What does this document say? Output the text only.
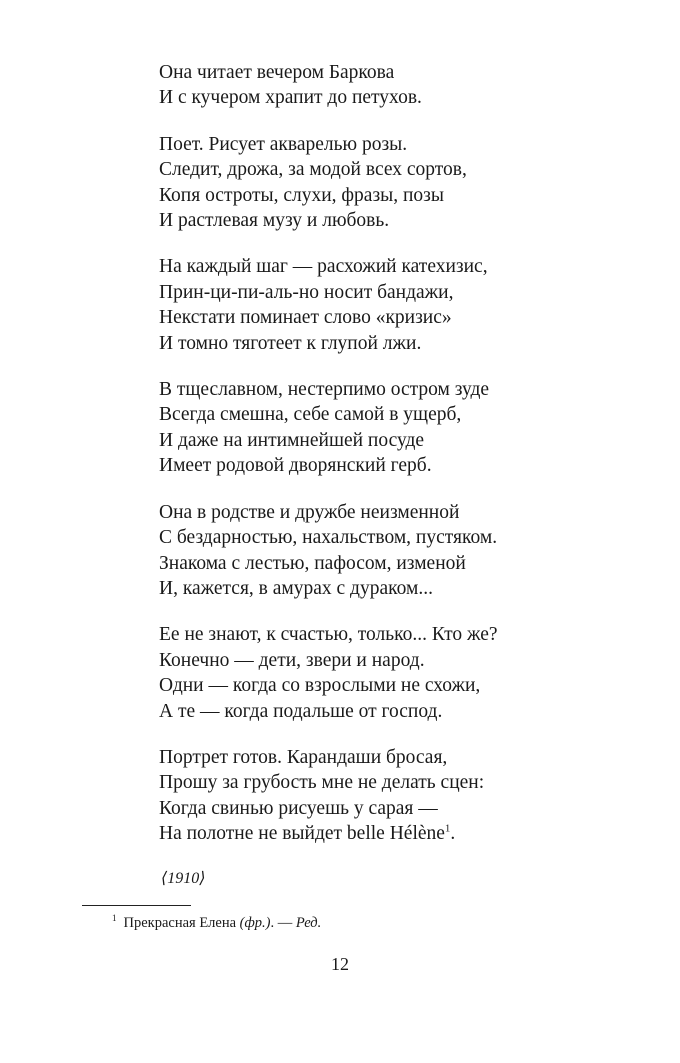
Она читает вечером Баркова
И с кучером храпит до петухов.
Поет. Рисует акварелью розы.
Следит, дрожа, за модой всех сортов,
Копя остроты, слухи, фразы, позы
И растлевая музу и любовь.
На каждый шаг — расхожий катехизис,
Прин-ци-пи-аль-но носит бандажи,
Некстати поминает слово «кризис»
И томно тяготеет к глупой лжи.
В тщеславном, нестерпимо остром зуде
Всегда смешна, себе самой в ущерб,
И даже на интимнейшей посуде
Имеет родовой дворянский герб.
Она в родстве и дружбе неизменной
С бездарностью, нахальством, пустяком.
Знакома с лестью, пафосом, изменой
И, кажется, в амурах с дураком...
Ее не знают, к счастью, только... Кто же?
Конечно — дети, звери и народ.
Одни — когда со взрослыми не схожи,
А те — когда подальше от господ.
Портрет готов. Карандаши бросая,
Прошу за грубость мне не делать сцен:
Когда свинью рисуешь у сарая —
На полотне не выйдет belle Hélène$^1$.
⟨1910⟩
$^1$ Прекрасная Елена (фр.). — Ред.
12
